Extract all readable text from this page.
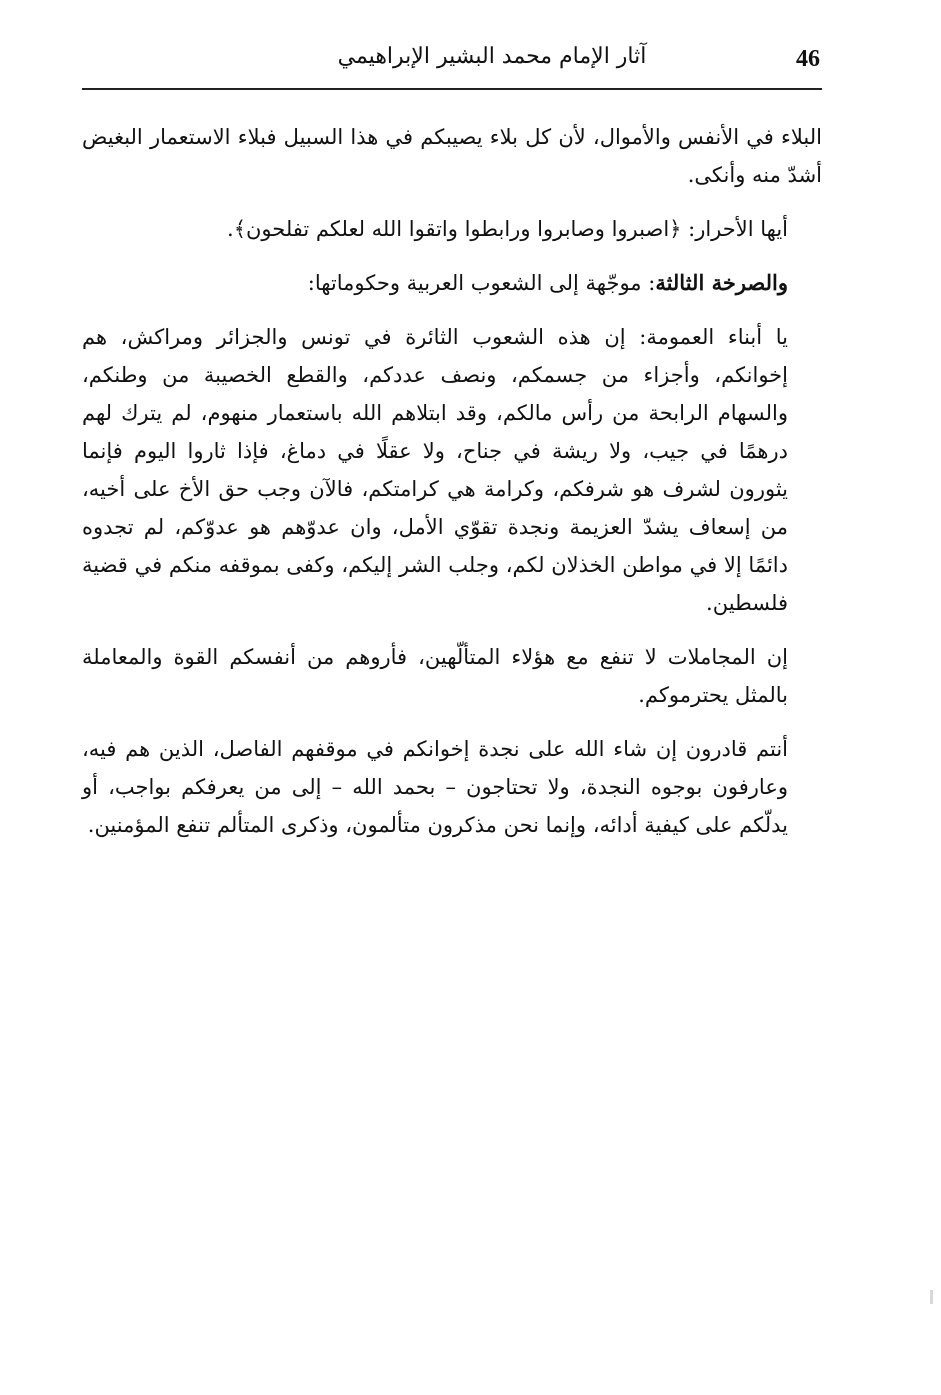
46
آثار الإمام محمد البشير الإبراهيمي

البلاء في الأنفس والأموال، لأن كل بلاء يصيبكم في هذا السبيل فبلاء الاستعمار البغيض أشدّ منه وأنكى.

أيها الأحرار: ﴿اصبروا وصابروا ورابطوا واتقوا الله لعلكم تفلحون﴾.

والصرخة الثالثة: موجّهة إلى الشعوب العربية وحكوماتها:

يا أبناء العمومة: إن هذه الشعوب الثائرة في تونس والجزائر ومراكش، هم إخوانكم، وأجزاء من جسمكم، ونصف عددكم، والقطع الخصيبة من وطنكم، والسهام الرابحة من رأس مالكم، وقد ابتلاهم الله باستعمار منهوم، لم يترك لهم درهمًا في جيب، ولا ريشة في جناح، ولا عقلًا في دماغ، فإذا ثاروا اليوم فإنما يثورون لشرف هو شرفكم، وكرامة هي كرامتكم، فالآن وجب حق الأخ على أخيه، من إسعاف يشدّ العزيمة ونجدة تقوّي الأمل، وان عدوّهم هو عدوّكم، لم تجدوه دائمًا إلا في مواطن الخذلان لكم، وجلب الشر إليكم، وكفى بموقفه منكم في قضية فلسطين.

إن المجاملات لا تنفع مع هؤلاء المتألّهين، فأروهم من أنفسكم القوة والمعاملة بالمثل يحترموكم.

أنتم قادرون إن شاء الله على نجدة إخوانكم في موقفهم الفاصل، الذين هم فيه، وعارفون بوجوه النجدة، ولا تحتاجون – بحمد الله – إلى من يعرفكم بواجب، أو يدلّكم على كيفية أدائه، وإنما نحن مذكرون متألمون، وذكرى المتألم تنفع المؤمنين.
